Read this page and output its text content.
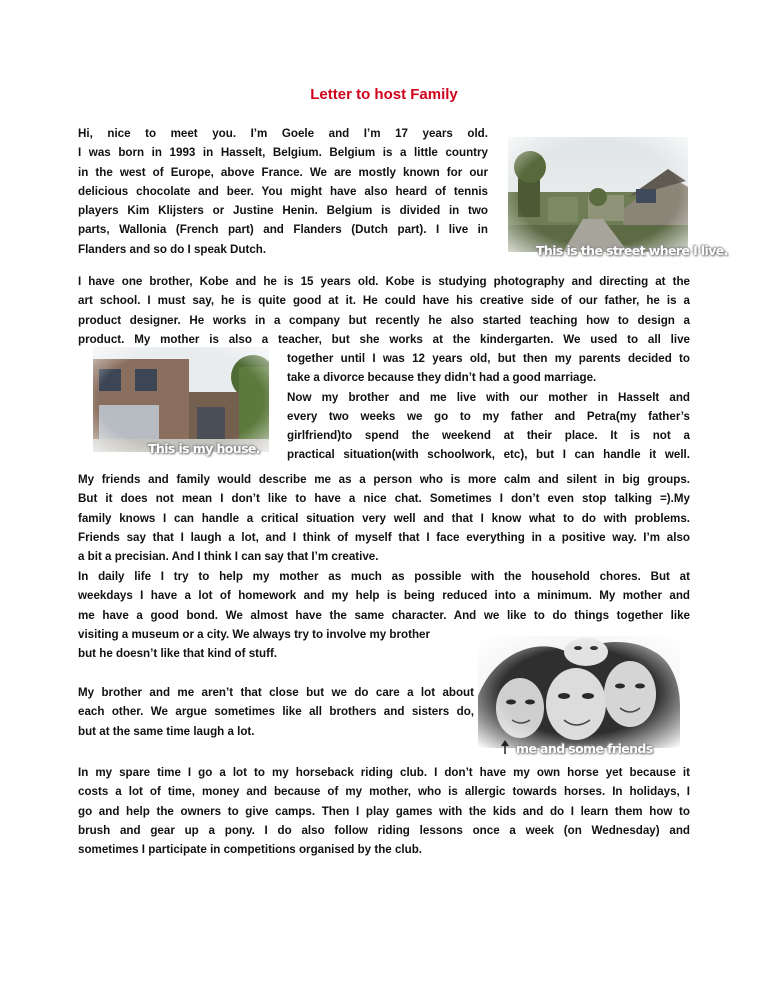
Letter to host Family
Hi, nice to meet you. I’m Goele and I’m 17 years old.
I was born in 1993 in Hasselt, Belgium. Belgium is a little country
in the west of Europe, above France. We are mostly known for our
delicious chocolate and beer. You might have also heard of tennis
players Kim Klijsters or Justine Henin. Belgium is divided in two
parts, Wallonia (French part) and Flanders (Dutch part). I live in
Flanders and so do I speak Dutch.	This is the street where I live.
I have one brother, Kobe and he is 15 years old. Kobe is studying photography and directing at the
art school. I must say, he is quite good at it. He could have his creative side of our father, he is a
product designer. He works in a company but recently he also started teaching how to design a
product. My mother is also a teacher, but she works at the kindergarten. We used to all live
together until I was 12 years old, but then my parents decided to
take a divorce because they didn’t had a good marriage.
Now my brother and me live with our mother in Hasselt and
every two weeks we go to my father and Petra(my father’s
girlfriend)to spend the weekend at their place. It is not a
practical situation(with schoolwork, etc), but I can handle it well.
This is my house.
My friends and family would describe me as a person who is more calm and silent in big groups.
But it does not mean I don’t like to have a nice chat. Sometimes I don’t even stop talking =).My
family knows I can handle a critical situation very well and that I know what to do with problems.
Friends say that I laugh a lot, and I think of myself that I face everything in a positive way. I’m also
a bit a precisian. And I think I can say that I’m creative.
In daily life I try to help my mother as much as possible with the household chores. But at
weekdays I have a lot of homework and my help is being reduced into a minimum. My mother and
me have a good bond. We almost have the same character. And we like to do things together like
visiting a museum or a city. We always try to involve my brother
but he doesn’t like that kind of stuff.
My brother and me aren’t that close but we do care a lot about
each other. We argue sometimes like all brothers and sisters do,
but at the same time laugh a lot.
me and some friends
In my spare time I go a lot to my horseback riding club. I don’t have my own horse yet because it
costs a lot of time, money and because of my mother, who is allergic towards horses. In holidays, I
go and help the owners to give camps. Then I play games with the kids and do I learn them how to
brush and gear up a pony. I do also follow riding lessons once a week (on Wednesday) and
sometimes I participate in competitions organised by the club.
